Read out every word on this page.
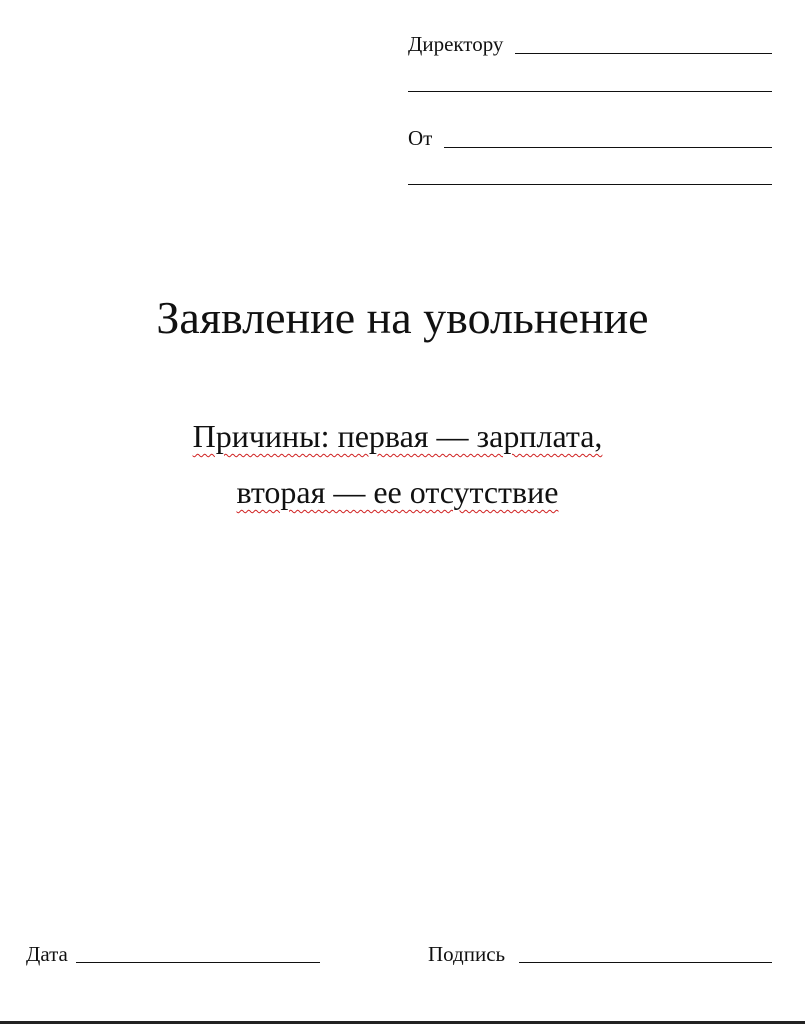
Директору
От
Заявление на увольнение
Причины: первая — зарплата,
вторая — ее отсутствие
Дата	Подпись
